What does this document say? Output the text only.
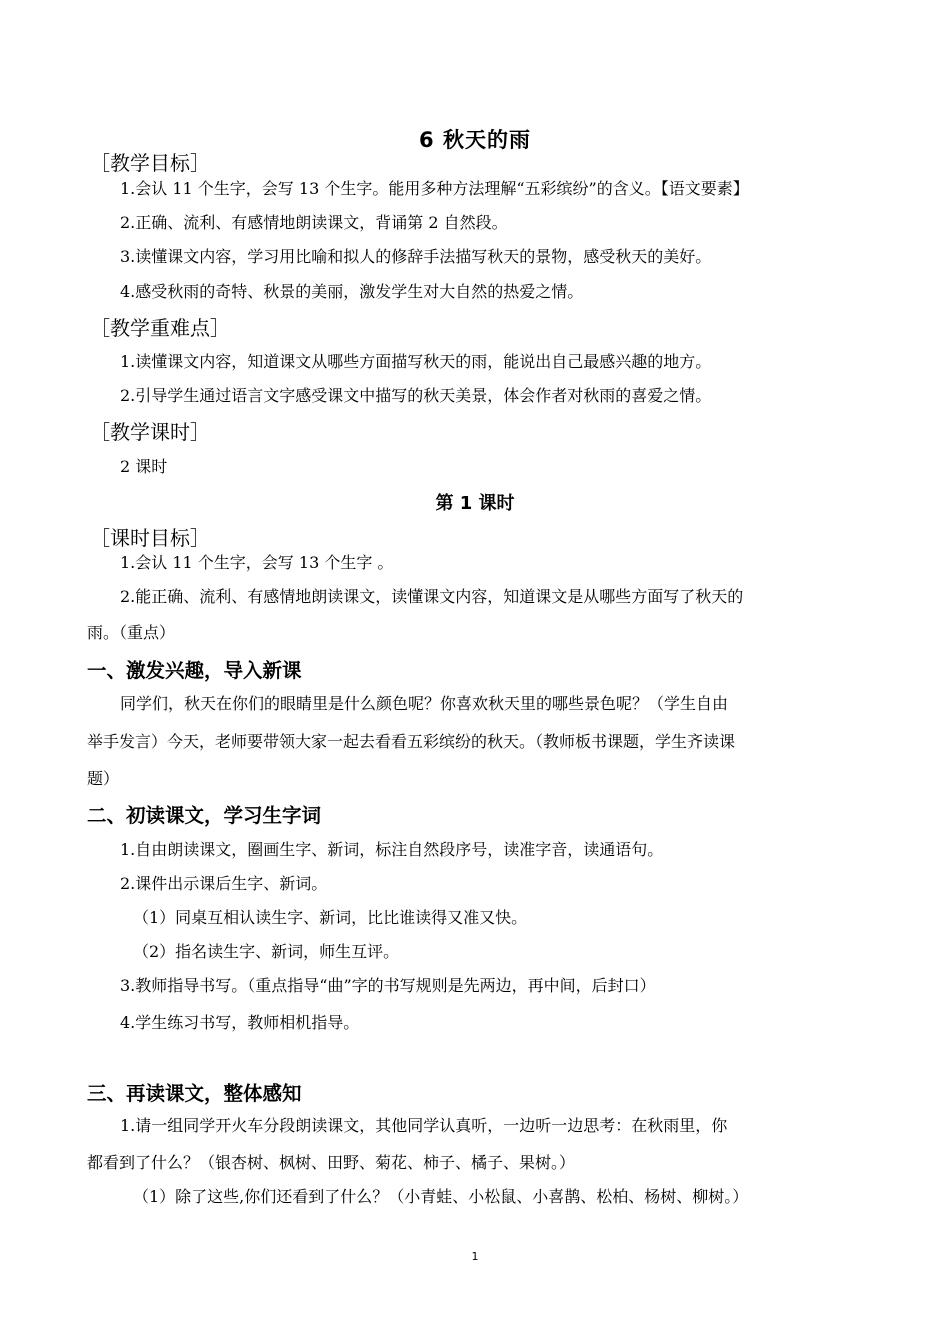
6 秋天的雨
［教学目标］
1.会认 11 个生字，会写 13 个生字。能用多种方法理解“五彩缤纷”的含义。【语文要素】
2.正确、流利、有感情地朗读课文，背诵第 2 自然段。
3.读懂课文内容，学习用比喻和拟人的修辞手法描写秋天的景物，感受秋天的美好。
4.感受秋雨的奇特、秋景的美丽，激发学生对大自然的热爱之情。
［教学重难点］
1.读懂课文内容，知道课文从哪些方面描写秋天的雨，能说出自己最感兴趣的地方。
2.引导学生通过语言文字感受课文中描写的秋天美景，体会作者对秋雨的喜爱之情。
［教学课时］
2 课时
第 1 课时
［课时目标］
1.会认 11 个生字，会写 13 个生字 。
2.能正确、流利、有感情地朗读课文，读懂课文内容，知道课文是从哪些方面写了秋天的
雨。（重点）
一、激发兴趣，导入新课
同学们，秋天在你们的眼睛里是什么颜色呢？你喜欢秋天里的哪些景色呢？（学生自由
举手发言）今天，老师要带领大家一起去看看五彩缤纷的秋天。（教师板书课题，学生齐读课
题）
二、初读课文，学习生字词
1.自由朗读课文，圈画生字、新词，标注自然段序号，读准字音，读通语句。
2.课件出示课后生字、新词。
（1）同桌互相认读生字、新词，比比谁读得又准又快。
（2）指名读生字、新词，师生互评。
3.教师指导书写。（重点指导“曲”字的书写规则是先两边，再中间，后封口）
4.学生练习书写，教师相机指导。
三、再读课文，整体感知
1.请一组同学开火车分段朗读课文，其他同学认真听，一边听一边思考：在秋雨里，你
都看到了什么？（银杏树、枫树、田野、菊花、柿子、橘子、果树。）
（1）除了这些,你们还看到了什么？（小青蛙、小松鼠、小喜鹊、松柏、杨树、柳树。）
1
